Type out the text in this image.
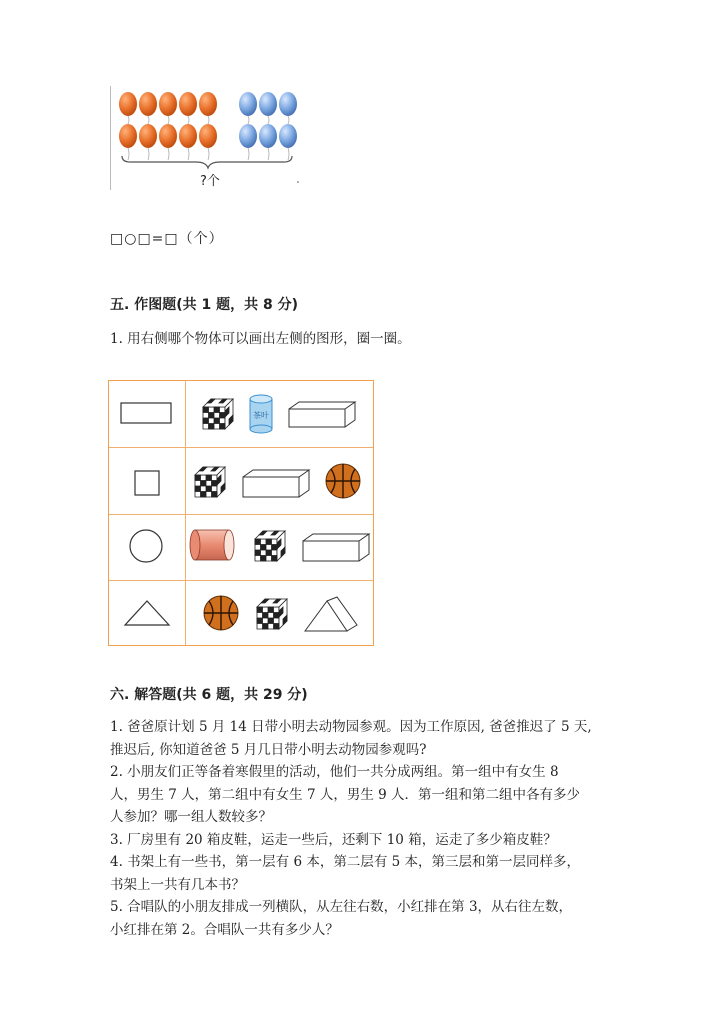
?个
□○□=□（个）
五. 作图题(共 1 题，共 8 分)
1. 用右侧哪个物体可以画出左侧的图形，圈一圈。
茶叶
六. 解答题(共 6 题，共 29 分)
1. 爸爸原计划 5 月 14 日带小明去动物园参观。因为工作原因, 爸爸推迟了 5 天,
推迟后, 你知道爸爸 5 月几日带小明去动物园参观吗?
2. 小朋友们正等备着寒假里的活动，他们一共分成两组。第一组中有女生 8
人，男生 7 人，第二组中有女生 7 人，男生 9 人．第一组和第二组中各有多少
人参加？哪一组人数较多？
3. 厂房里有 20 箱皮鞋，运走一些后，还剩下 10 箱，运走了多少箱皮鞋？
4. 书架上有一些书，第一层有 6 本，第二层有 5 本，第三层和第一层同样多，
书架上一共有几本书？
5. 合唱队的小朋友排成一列横队，从左往右数，小红排在第 3，从右往左数，
小红排在第 2。合唱队一共有多少人？
